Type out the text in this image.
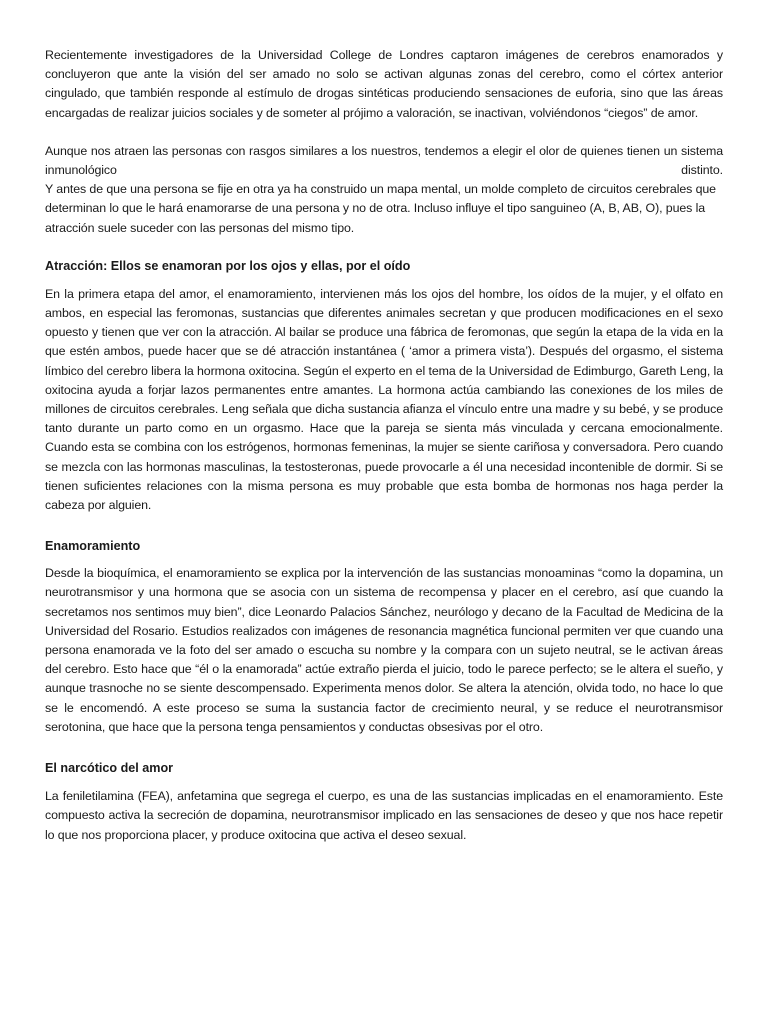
Recientemente investigadores de la Universidad College de Londres captaron imágenes de cerebros enamorados y concluyeron que ante la visión del ser amado no solo se activan algunas zonas del cerebro, como el córtex anterior cingulado, que también responde al estímulo de drogas sintéticas produciendo sensaciones de euforia, sino que las áreas encargadas de realizar juicios sociales y de someter al prójimo a valoración, se inactivan, volviéndonos “ciegos” de amor.

Aunque nos atraen las personas con rasgos similares a los nuestros, tendemos a elegir el olor de quienes tienen un sistema inmunológico distinto.
Y antes de que una persona se fije en otra ya ha construido un mapa mental, un molde completo de circuitos cerebrales que determinan lo que le hará enamorarse de una persona y no de otra. Incluso influye el tipo sanguineo (A, B, AB, O), pues la atracción suele suceder con las personas del mismo tipo.

Atracción: Ellos se enamoran por los ojos y ellas, por el oído

En la primera etapa del amor, el enamoramiento, intervienen más los ojos del hombre, los oídos de la mujer, y el olfato en ambos, en especial las feromonas, sustancias que diferentes animales secretan y que producen modificaciones en el sexo opuesto y tienen que ver con la atracción. Al bailar se produce una fábrica de feromonas, que según la etapa de la vida en la que estén ambos, puede hacer que se dé atracción instantánea ( ‘amor a primera vista’). Después del orgasmo, el sistema límbico del cerebro libera la hormona oxitocina. Según el experto en el tema de la Universidad de Edimburgo, Gareth Leng, la oxitocina ayuda a forjar lazos permanentes entre amantes. La hormona actúa cambiando las conexiones de los miles de millones de circuitos cerebrales. Leng señala que dicha sustancia afianza el vínculo entre una madre y su bebé, y se produce tanto durante un parto como en un orgasmo. Hace que la pareja se sienta más vinculada y cercana emocionalmente. Cuando esta se combina con los estrógenos, hormonas femeninas, la mujer se siente cariñosa y conversadora. Pero cuando se mezcla con las hormonas masculinas, la testosteronas, puede provocarle a él una necesidad incontenible de dormir. Si se tienen suficientes relaciones con la misma persona es muy probable que esta bomba de hormonas nos haga perder la cabeza por alguien.

Enamoramiento

Desde la bioquímica, el enamoramiento se explica por la intervención de las sustancias monoaminas “como la dopamina, un neurotransmisor y una hormona que se asocia con un sistema de recompensa y placer en el cerebro, así que cuando la secretamos nos sentimos muy bien”, dice Leonardo Palacios Sánchez, neurólogo y decano de la Facultad de Medicina de la Universidad del Rosario. Estudios realizados con imágenes de resonancia magnética funcional permiten ver que cuando una persona enamorada ve la foto del ser amado o escucha su nombre y la compara con un sujeto neutral, se le activan áreas del cerebro. Esto hace que “él o la enamorada” actúe extraño pierda el juicio, todo le parece perfecto; se le altera el sueño, y aunque trasnoche no se siente descompensado. Experimenta menos dolor. Se altera la atención, olvida todo, no hace lo que se le encomendó. A este proceso se suma la sustancia factor de crecimiento neural, y se reduce el neurotransmisor serotonina, que hace que la persona tenga pensamientos y conductas obsesivas por el otro.

El narcótico del amor

La feniletilamina (FEA), anfetamina que segrega el cuerpo, es una de las sustancias implicadas en el enamoramiento. Este compuesto activa la secreción de dopamina, neurotransmisor implicado en las sensaciones de deseo y que nos hace repetir lo que nos proporciona placer, y produce oxitocina que activa el deseo sexual.
